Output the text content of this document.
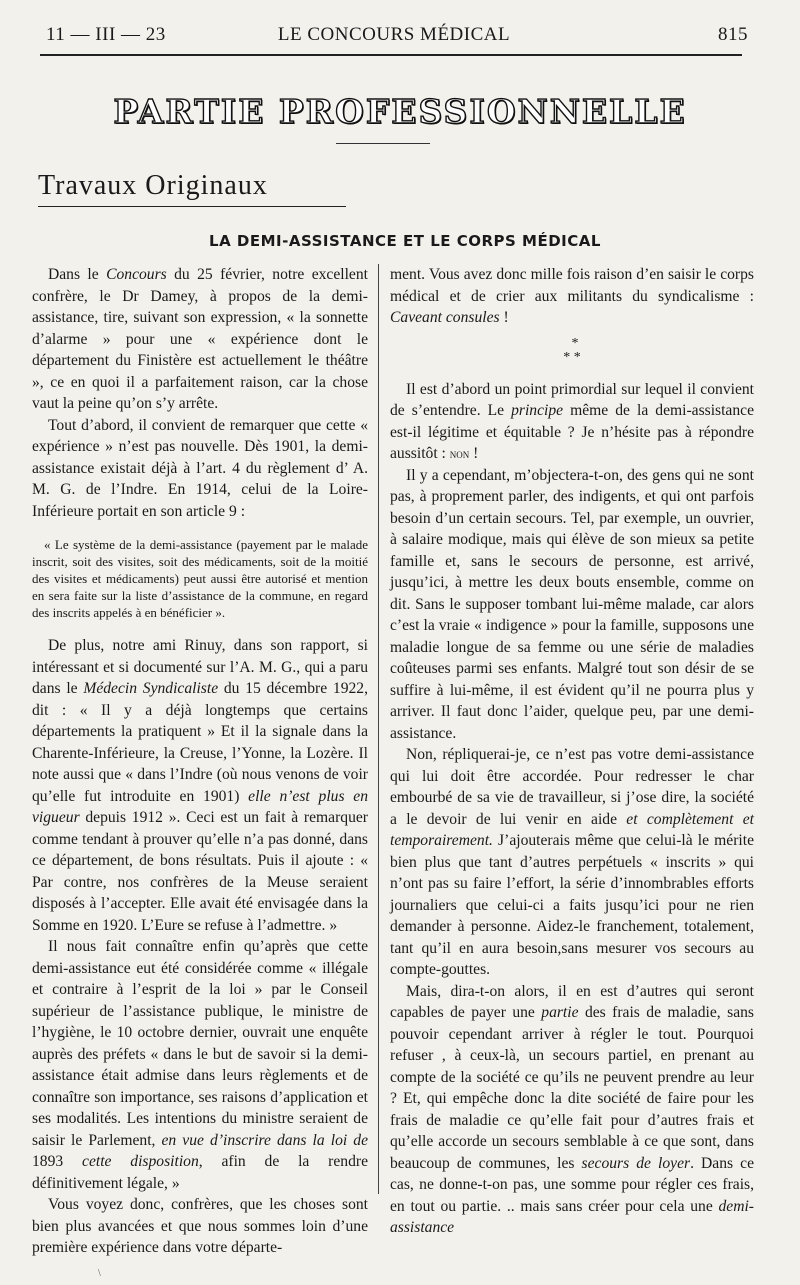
11 — III — 23	LE CONCOURS MÉDICAL	815
PARTIE PROFESSIONNELLE
Travaux Originaux
LA DEMI-ASSISTANCE ET LE CORPS MÉDICAL

Dans le Concours du 25 février, notre excellent confrère, le Dr Damey, à propos de la demi-assistance, tire, suivant son expression, « la sonnette d’alarme » pour une « expérience dont le département du Finistère est actuellement le théâtre », ce en quoi il a parfaitement raison, car la chose vaut la peine qu’on s’y arrête.

Tout d’abord, il convient de remarquer que cette « expérience » n’est pas nouvelle. Dès 1901, la demi-assistance existait déjà à l’art. 4 du règlement d’ A. M. G. de l’Indre. En 1914, celui de la Loire-Inférieure portait en son article 9 :

« Le système de la demi-assistance (payement par le malade inscrit, soit des visites, soit des médicaments, soit de la moitié des visites et médicaments) peut aussi être autorisé et mention en sera faite sur la liste d’assistance de la commune, en regard des inscrits appelés à en bénéficier ».

De plus, notre ami Rinuy, dans son rapport, si intéressant et si documenté sur l’A. M. G., qui a paru dans le Médecin Syndicaliste du 15 décembre 1922, dit : « Il y a déjà longtemps que certains départements la pratiquent » Et il la signale dans la Charente-Inférieure, la Creuse, l’Yonne, la Lozère. Il note aussi que « dans l’Indre (où nous venons de voir qu’elle fut introduite en 1901) elle n’est plus en vigueur depuis 1912 ». Ceci est un fait à remarquer comme tendant à prouver qu’elle n’a pas donné, dans ce département, de bons résultats. Puis il ajoute : « Par contre, nos confrères de la Meuse seraient disposés à l’accepter. Elle avait été envisagée dans la Somme en 1920. L’Eure se refuse à l’admettre. »

Il nous fait connaître enfin qu’après que cette demi-assistance eut été considérée comme « illégale et contraire à l’esprit de la loi » par le Conseil supérieur de l’assistance publique, le ministre de l’hygiène, le 10 octobre dernier, ouvrait une enquête auprès des préfets « dans le but de savoir si la demi-assistance était admise dans leurs règlements et de connaître son importance, ses raisons d’application et ses modalités. Les intentions du ministre seraient de saisir le Parlement, en vue d’inscrire dans la loi de 1893 cette disposition, afin de la rendre définitivement légale, »

Vous voyez donc, confrères, que les choses sont bien plus avancées et que nous sommes loin d’une première expérience dans votre départe-

ment. Vous avez donc mille fois raison d’en saisir le corps médical et de crier aux militants du syndicalisme : Caveant consules !

*
* *

Il est d’abord un point primordial sur lequel il convient de s’entendre. Le principe même de la demi-assistance est-il légitime et équitable ? Je n’hésite pas à répondre aussitôt : non !

Il y a cependant, m’objectera-t-on, des gens qui ne sont pas, à proprement parler, des indigents, et qui ont parfois besoin d’un certain secours. Tel, par exemple, un ouvrier, à salaire modique, mais qui élève de son mieux sa petite famille et, sans le secours de personne, est arrivé, jusqu’ici, à mettre les deux bouts ensemble, comme on dit. Sans le supposer tombant lui-même malade, car alors c’est la vraie « indigence » pour la famille, supposons une maladie longue de sa femme ou une série de maladies coûteuses parmi ses enfants. Malgré tout son désir de se suffire à lui-même, il est évident qu’il ne pourra plus y arriver. Il faut donc l’aider, quelque peu, par une demi-assistance.

Non, répliquerai-je, ce n’est pas votre demi-assistance qui lui doit être accordée. Pour redresser le char embourbé de sa vie de travailleur, si j’ose dire, la société a le devoir de lui venir en aide et complètement et temporairement. J’ajouterais même que celui-là le mérite bien plus que tant d’autres perpétuels « inscrits » qui n’ont pas su faire l’effort, la série d’innombrables efforts journaliers que celui-ci a faits jusqu’ici pour ne rien demander à personne. Aidez-le franchement, totalement, tant qu’il en aura besoin,sans mesurer vos secours au compte-gouttes.

Mais, dira-t-on alors, il en est d’autres qui seront capables de payer une partie des frais de maladie, sans pouvoir cependant arriver à régler le tout. Pourquoi refuser , à ceux-là, un secours partiel, en prenant au compte de la société ce qu’ils ne peuvent prendre au leur ? Et, qui empêche donc la dite société de faire pour les frais de maladie ce qu’elle fait pour d’autres frais et qu’elle accorde un secours semblable à ce que sont, dans beaucoup de communes, les secours de loyer. Dans ce cas, ne donne-t-on pas, une somme pour régler ces frais, en tout ou partie. .. mais sans créer pour cela une demi-assistance

\
